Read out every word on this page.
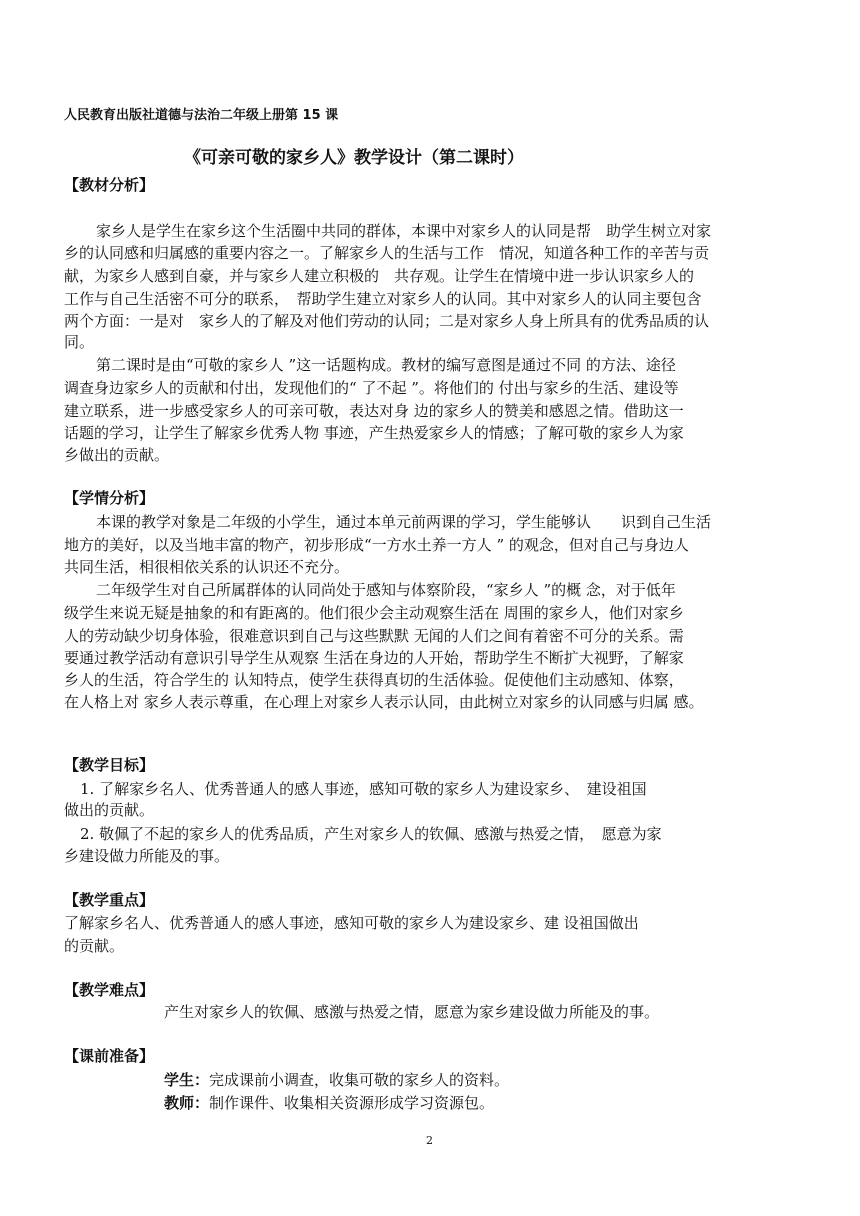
人民教育出版社道德与法治二年级上册第 15 课
《可亲可敬的家乡人》教学设计（第二课时）
【教材分析】
家乡人是学生在家乡这个生活圈中共同的群体，本课中对家乡人的认同是帮　助学生树立对家
乡的认同感和归属感的重要内容之一。了解家乡人的生活与工作　情况，知道各种工作的辛苦与贡
献，为家乡人感到自豪，并与家乡人建立积极的　共存观。让学生在情境中进一步认识家乡人的
工作与自己生活密不可分的联系，　帮助学生建立对家乡人的认同。其中对家乡人的认同主要包含
两个方面：一是对　家乡人的了解及对他们劳动的认同；二是对家乡人身上所具有的优秀品质的认
同。
第二课时是由“可敬的家乡人 ”这一话题构成。教材的编写意图是通过不同 的方法、途径
调查身边家乡人的贡献和付出，发现他们的“ 了不起 ”。将他们的 付出与家乡的生活、建设等
建立联系，进一步感受家乡人的可亲可敬，表达对身 边的家乡人的赞美和感恩之情。借助这一
话题的学习，让学生了解家乡优秀人物 事迹，产生热爱家乡人的情感；了解可敬的家乡人为家
乡做出的贡献。
【学情分析】
本课的教学对象是二年级的小学生，通过本单元前两课的学习，学生能够认　　识到自己生活
地方的美好，以及当地丰富的物产，初步形成“一方水土养一方人 ” 的观念，但对自己与身边人
共同生活，相很相依关系的认识还不充分。
二年级学生对自己所属群体的认同尚处于感知与体察阶段，“家乡人 ”的概 念，对于低年
级学生来说无疑是抽象的和有距离的。他们很少会主动观察生活在 周围的家乡人，他们对家乡
人的劳动缺少切身体验，很难意识到自己与这些默默 无闻的人们之间有着密不可分的关系。需
要通过教学活动有意识引导学生从观察 生活在身边的人开始，帮助学生不断扩大视野，了解家
乡人的生活，符合学生的 认知特点，使学生获得真切的生活体验。促使他们主动感知、体察，
在人格上对 家乡人表示尊重，在心理上对家乡人表示认同，由此树立对家乡的认同感与归属 感。
【教学目标】
1. 了解家乡名人、优秀普通人的感人事迹，感知可敬的家乡人为建设家乡、　建设祖国
做出的贡献。
2. 敬佩了不起的家乡人的优秀品质，产生对家乡人的钦佩、感激与热爱之情，　愿意为家
乡建设做力所能及的事。
【教学重点】
了解家乡名人、优秀普通人的感人事迹，感知可敬的家乡人为建设家乡、建 设祖国做出
的贡献。
【教学难点】
产生对家乡人的钦佩、感激与热爱之情，愿意为家乡建设做力所能及的事。
【课前准备】
学生：完成课前小调查，收集可敬的家乡人的资料。
教师：制作课件、收集相关资源形成学习资源包。
2
